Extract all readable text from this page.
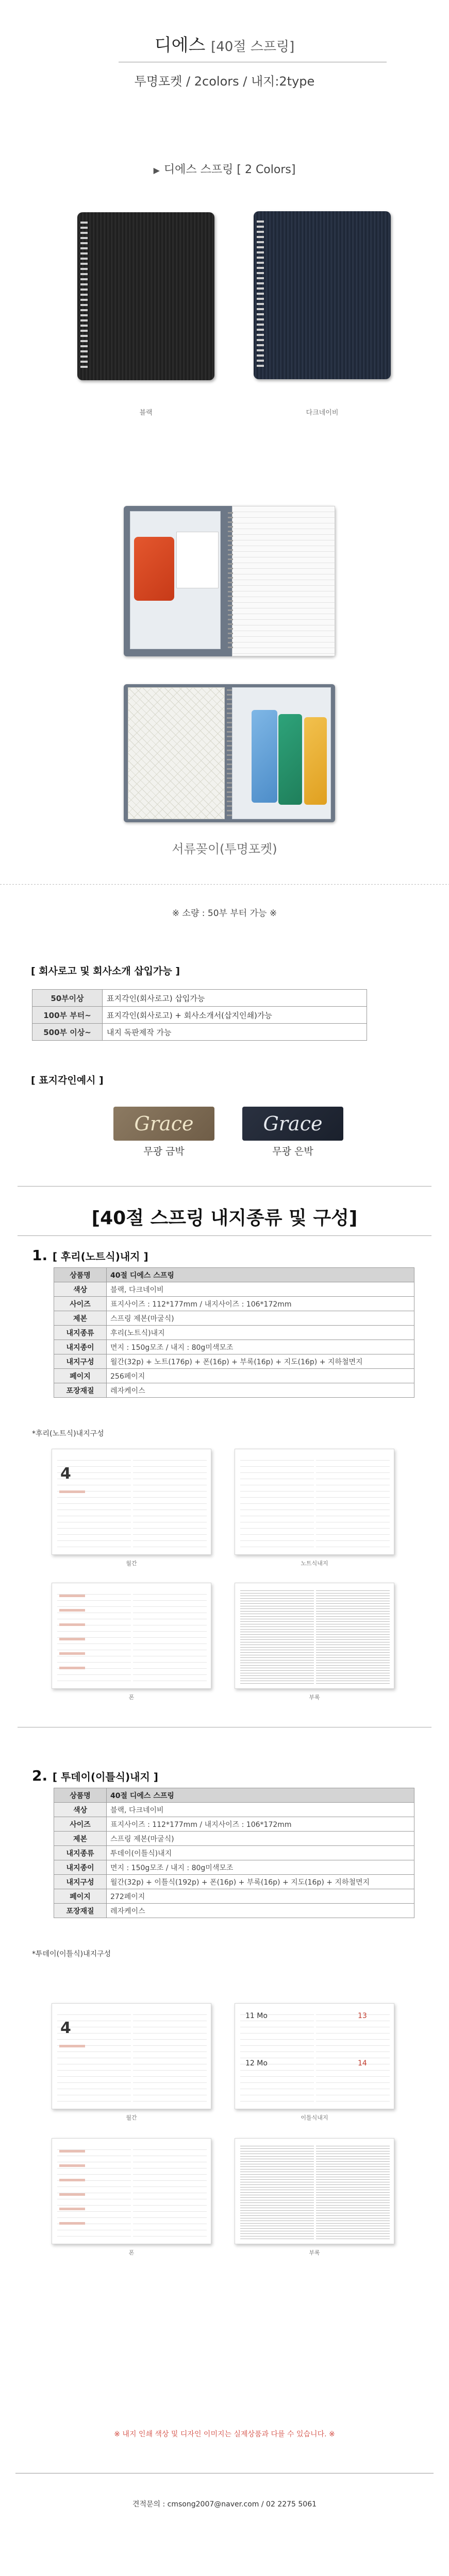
디에스 [40절 스프링]
투명포켓 / 2colors / 내지:2type
▶ 디에스 스프링 [ 2 Colors]
블랙	다크네이비
서류꽂이(투명포켓)
※ 소량 : 50부 부터 가능 ※
[ 회사로고 및 회사소개 삽입가능 ]
50부이상	표지각인(회사로고) 삽입가능
100부 부터~	표지각인(회사로고) + 회사소개서(삽지인쇄)가능
500부 이상~	내지 독판제작 가능
[ 표지각인예시 ]
Grace	Grace
무광 금박	무광 은박
[40절 스프링 내지종류 및 구성]
1. [ 후리(노트식)내지 ]
상품명	40절 디에스 스프링
색상	블랙, 다크네이비
사이즈	표지사이즈 : 112*177mm / 내지사이즈 : 106*172mm
제본	스프링 제본(마굴식)
내지종류	후리(노트식)내지
내지종이	면지 : 150g모조 / 내지 : 80g미색모조
내지구성	월간(32p) + 노트(176p) + 폰(16p) + 부록(16p) + 지도(16p) + 지하철면지
페이지	256페이지
포장재질	레자케이스
*후리(노트식)내지구성
4
월간	노트식내지
폰	부록
2. [ 투데이(이틀식)내지 ]
상품명	40절 디에스 스프링
색상	블랙, 다크네이비
사이즈	표지사이즈 : 112*177mm / 내지사이즈 : 106*172mm
제본	스프링 제본(마굴식)
내지종류	투데이(이틀식)내지
내지종이	면지 : 150g모조 / 내지 : 80g미색모조
내지구성	월간(32p) + 이틀식(192p) + 폰(16p) + 부록(16p) + 지도(16p) + 지하철면지
페이지	272페이지
포장재질	레자케이스
*투데이(이틀식)내지구성
4
11 Mo
12 Mo
13
14
월간	이틀식내지
폰	부록
※ 내지 인쇄 색상 및 디자인 이미지는 실제상품과 다를 수 있습니다. ※
견적문의 : cmsong2007@naver.com / 02 2275 5061
